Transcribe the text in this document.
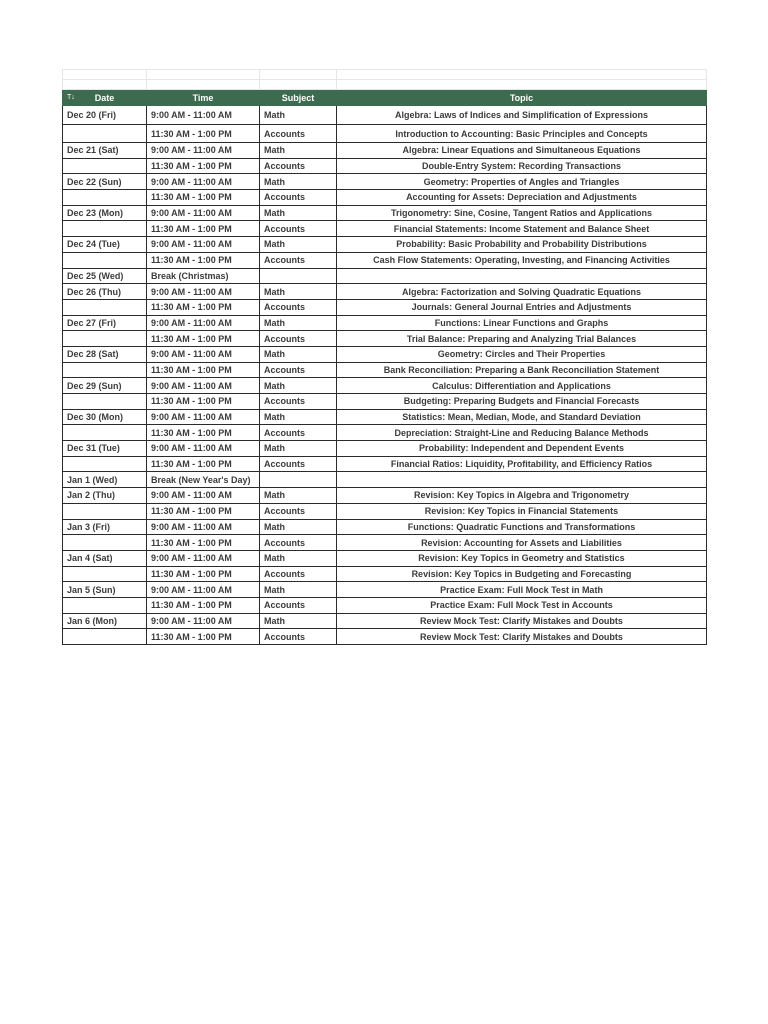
T↓ Date	Time	Subject	Topic
Dec 20 (Fri)	9:00 AM - 11:00 AM	Math	Algebra: Laws of Indices and Simplification of Expressions
	11:30 AM - 1:00 PM	Accounts	Introduction to Accounting: Basic Principles and Concepts
Dec 21 (Sat)	9:00 AM - 11:00 AM	Math	Algebra: Linear Equations and Simultaneous Equations
	11:30 AM - 1:00 PM	Accounts	Double-Entry System: Recording Transactions
Dec 22 (Sun)	9:00 AM - 11:00 AM	Math	Geometry: Properties of Angles and Triangles
	11:30 AM - 1:00 PM	Accounts	Accounting for Assets: Depreciation and Adjustments
Dec 23 (Mon)	9:00 AM - 11:00 AM	Math	Trigonometry: Sine, Cosine, Tangent Ratios and Applications
	11:30 AM - 1:00 PM	Accounts	Financial Statements: Income Statement and Balance Sheet
Dec 24 (Tue)	9:00 AM - 11:00 AM	Math	Probability: Basic Probability and Probability Distributions
	11:30 AM - 1:00 PM	Accounts	Cash Flow Statements: Operating, Investing, and Financing Activities
Dec 25 (Wed)	Break (Christmas)		
Dec 26 (Thu)	9:00 AM - 11:00 AM	Math	Algebra: Factorization and Solving Quadratic Equations
	11:30 AM - 1:00 PM	Accounts	Journals: General Journal Entries and Adjustments
Dec 27 (Fri)	9:00 AM - 11:00 AM	Math	Functions: Linear Functions and Graphs
	11:30 AM - 1:00 PM	Accounts	Trial Balance: Preparing and Analyzing Trial Balances
Dec 28 (Sat)	9:00 AM - 11:00 AM	Math	Geometry: Circles and Their Properties
	11:30 AM - 1:00 PM	Accounts	Bank Reconciliation: Preparing a Bank Reconciliation Statement
Dec 29 (Sun)	9:00 AM - 11:00 AM	Math	Calculus: Differentiation and Applications
	11:30 AM - 1:00 PM	Accounts	Budgeting: Preparing Budgets and Financial Forecasts
Dec 30 (Mon)	9:00 AM - 11:00 AM	Math	Statistics: Mean, Median, Mode, and Standard Deviation
	11:30 AM - 1:00 PM	Accounts	Depreciation: Straight-Line and Reducing Balance Methods
Dec 31 (Tue)	9:00 AM - 11:00 AM	Math	Probability: Independent and Dependent Events
	11:30 AM - 1:00 PM	Accounts	Financial Ratios: Liquidity, Profitability, and Efficiency Ratios
Jan 1 (Wed)	Break (New Year's Day)		
Jan 2 (Thu)	9:00 AM - 11:00 AM	Math	Revision: Key Topics in Algebra and Trigonometry
	11:30 AM - 1:00 PM	Accounts	Revision: Key Topics in Financial Statements
Jan 3 (Fri)	9:00 AM - 11:00 AM	Math	Functions: Quadratic Functions and Transformations
	11:30 AM - 1:00 PM	Accounts	Revision: Accounting for Assets and Liabilities
Jan 4 (Sat)	9:00 AM - 11:00 AM	Math	Revision: Key Topics in Geometry and Statistics
	11:30 AM - 1:00 PM	Accounts	Revision: Key Topics in Budgeting and Forecasting
Jan 5 (Sun)	9:00 AM - 11:00 AM	Math	Practice Exam: Full Mock Test in Math
	11:30 AM - 1:00 PM	Accounts	Practice Exam: Full Mock Test in Accounts
Jan 6 (Mon)	9:00 AM - 11:00 AM	Math	Review Mock Test: Clarify Mistakes and Doubts
	11:30 AM - 1:00 PM	Accounts	Review Mock Test: Clarify Mistakes and Doubts
